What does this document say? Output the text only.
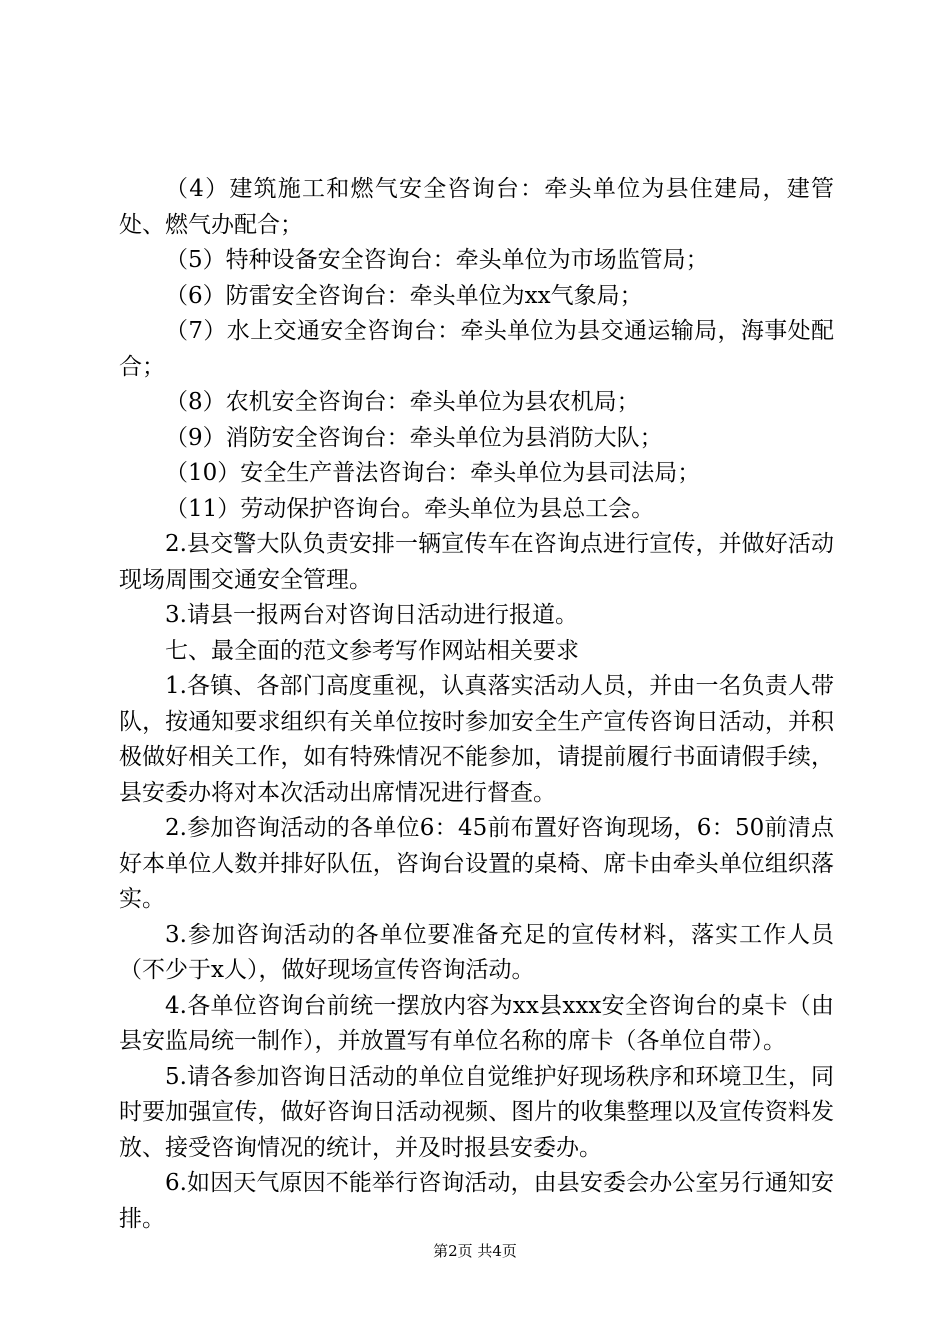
（4）建筑施工和燃气安全咨询台：牵头单位为县住建局，建管处、燃气办配合；

（5）特种设备安全咨询台：牵头单位为市场监管局；

（6）防雷安全咨询台：牵头单位为xx气象局；

（7）水上交通安全咨询台：牵头单位为县交通运输局，海事处配合；

（8）农机安全咨询台：牵头单位为县农机局；

（9）消防安全咨询台：牵头单位为县消防大队；

（10）安全生产普法咨询台：牵头单位为县司法局；

（11）劳动保护咨询台。牵头单位为县总工会。

2.县交警大队负责安排一辆宣传车在咨询点进行宣传，并做好活动现场周围交通安全管理。

3.请县一报两台对咨询日活动进行报道。

七、最全面的范文参考写作网站相关要求

1.各镇、各部门高度重视，认真落实活动人员，并由一名负责人带队，按通知要求组织有关单位按时参加安全生产宣传咨询日活动，并积极做好相关工作，如有特殊情况不能参加，请提前履行书面请假手续，县安委办将对本次活动出席情况进行督查。

2.参加咨询活动的各单位6：45前布置好咨询现场，6：50前清点好本单位人数并排好队伍，咨询台设置的桌椅、席卡由牵头单位组织落实。

3.参加咨询活动的各单位要准备充足的宣传材料，落实工作人员（不少于x人），做好现场宣传咨询活动。

4.各单位咨询台前统一摆放内容为xx县xxx安全咨询台的桌卡（由县安监局统一制作），并放置写有单位名称的席卡（各单位自带）。

5.请各参加咨询日活动的单位自觉维护好现场秩序和环境卫生，同时要加强宣传，做好咨询日活动视频、图片的收集整理以及宣传资料发放、接受咨询情况的统计，并及时报县安委办。

6.如因天气原因不能举行咨询活动，由县安委会办公室另行通知安排。

第2页 共4页
